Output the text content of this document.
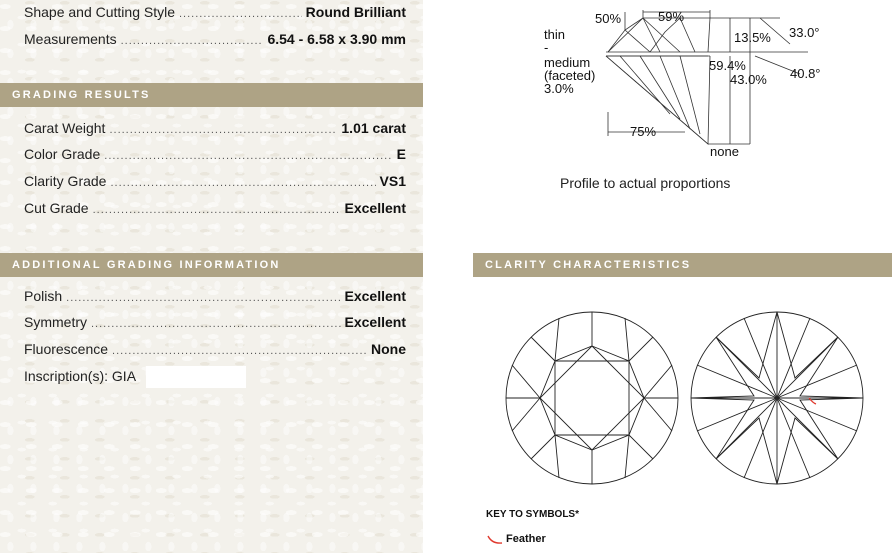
Shape and Cutting Style .....	Round Brilliant
Measurements .....	6.54 - 6.58 x 3.90 mm
GRADING RESULTS
Carat Weight .....	1.01 carat
Color Grade .....	E
Clarity Grade .....	VS1
Cut Grade .....	Excellent
ADDITIONAL GRADING INFORMATION
Polish .....	Excellent
Symmetry .....	Excellent
Fluorescence .....	None
Inscription(s): GIA
50%	59%
13.5% 33.0°
thin
-
medium
(faceted)
3.0%
59.4%
43.0% 40.8°
75%
none
Profile to actual proportions
CLARITY CHARACTERISTICS
KEY TO SYMBOLS*
Feather
